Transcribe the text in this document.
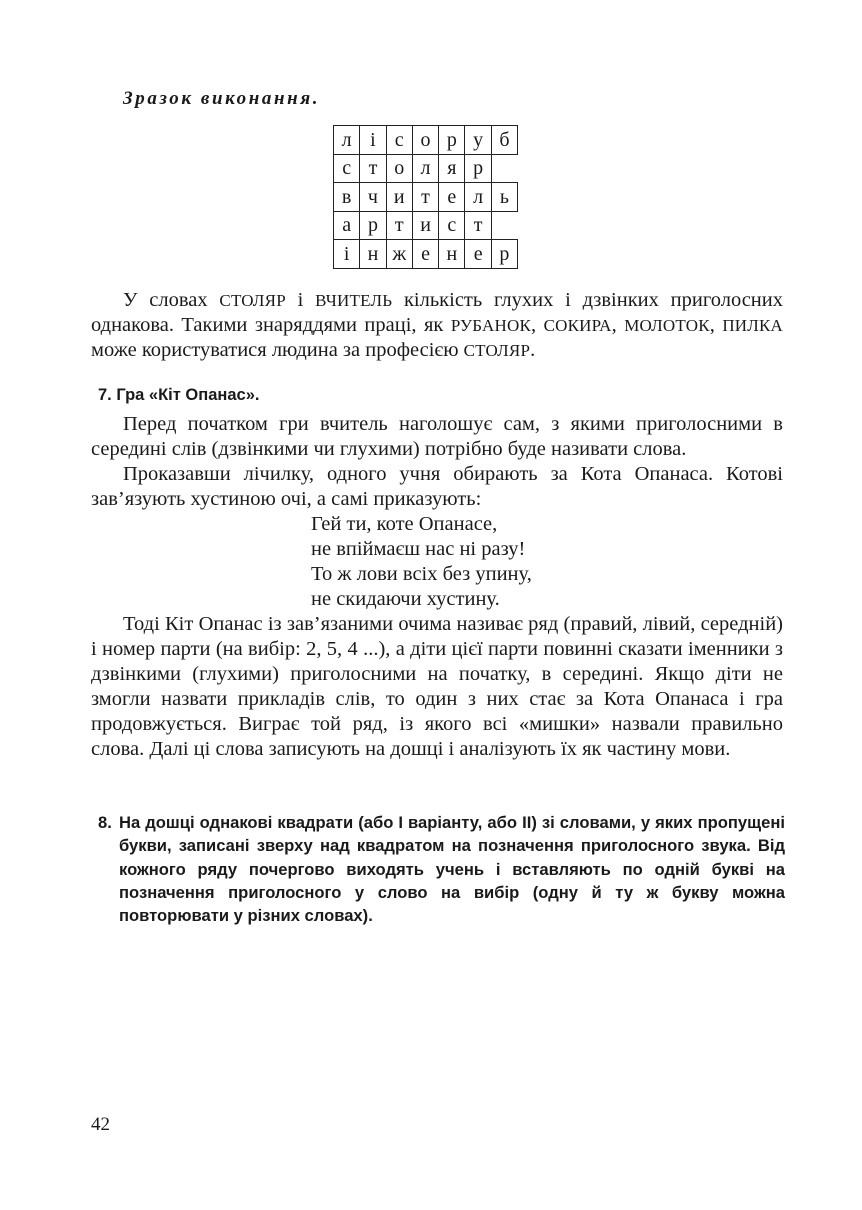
Зразок виконання.
л	і	с	о	р	у	б
с	т	о	л	я	р	
в	ч	и	т	е	л	ь
а	р	т	и	с	т	
і	н	ж	е	н	е	р
У словах СТОЛЯР і ВЧИТЕЛЬ кількість глухих і дзвінких приголосних однакова. Такими знаряддями праці, як РУБАНОК, СОКИРА, МОЛОТОК, ПИЛКА може користуватися людина за професією СТОЛЯР.
7. Гра «Кіт Опанас».
Перед початком гри вчитель наголошує сам, з якими приголосними в середині слів (дзвінкими чи глухими) потрібно буде називати слова.
Проказавши лічилку, одного учня обирають за Кота Опанаса. Котові зав’язують хустиною очі, а самі приказують:
Гей ти, коте Опанасе,
не впіймаєш нас ні разу!
То ж лови всіх без упину,
не скидаючи хустину.
Тоді Кіт Опанас із зав’язаними очима називає ряд (правий, лівий, середній) і номер парти (на вибір: 2, 5, 4 ...), а діти цієї парти повинні сказати іменники з дзвінкими (глухими) приголосними на початку, в середині. Якщо діти не змогли назвати прикладів слів, то один з них стає за Кота Опанаса і гра продовжується. Виграє той ряд, із якого всі «мишки» назвали правильно слова. Далі ці слова записують на дошці і аналізують їх як частину мови.
8. На дошці однакові квадрати (або І варіанту, або ІІ) зі словами, у яких пропущені букви, записані зверху над квадратом на позначення приголосного звука. Від кожного ряду почергово виходять учень і вставляють по одній букві на позначення приголосного у слово на вибір (одну й ту ж букву можна повторювати у різних словах).
42
